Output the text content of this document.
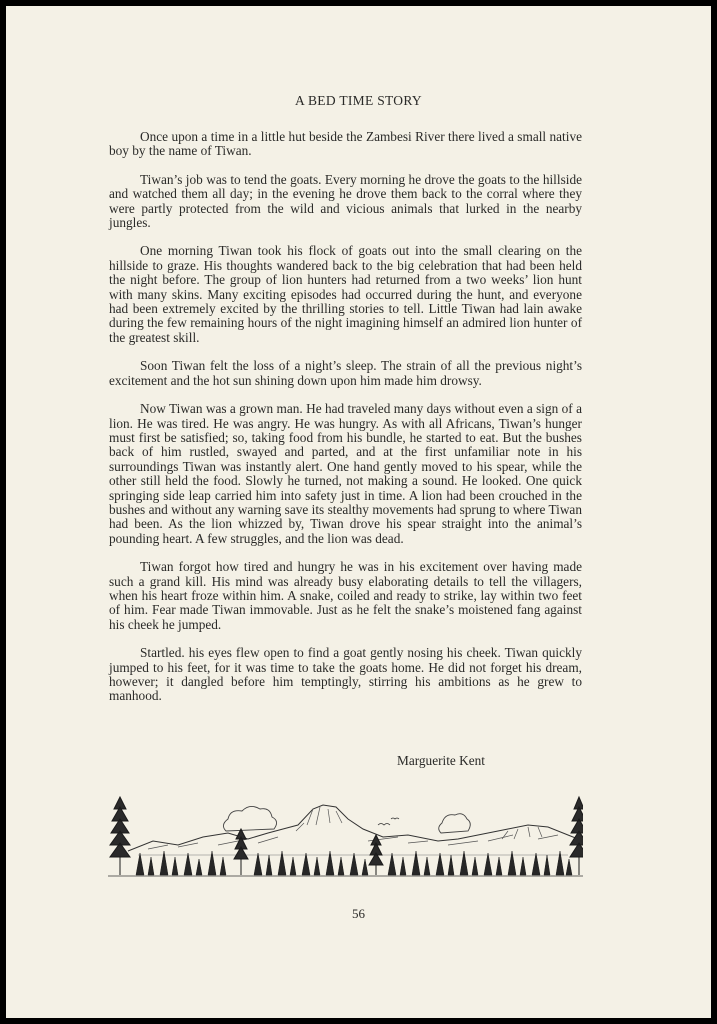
A BED TIME STORY

Once upon a time in a little hut beside the Zambesi River there lived a small native boy by the name of Tiwan.

Tiwan’s job was to tend the goats. Every morning he drove the goats to the hillside and watched them all day; in the evening he drove them back to the corral where they were partly protected from the wild and vicious animals that lurked in the nearby jungles.

One morning Tiwan took his flock of goats out into the small clearing on the hillside to graze. His thoughts wandered back to the big celebration that had been held the night before. The group of lion hunters had returned from a two weeks’ lion hunt with many skins. Many exciting episodes had occurred during the hunt, and everyone had been extremely excited by the thrilling stories to tell. Little Tiwan had lain awake during the few remaining hours of the night imagining himself an admired lion hunter of the greatest skill.

Soon Tiwan felt the loss of a night’s sleep. The strain of all the previous night’s excitement and the hot sun shining down upon him made him drowsy.

Now Tiwan was a grown man. He had traveled many days without even a sign of a lion. He was tired. He was angry. He was hungry. As with all Africans, Tiwan’s hunger must first be satisfied; so, taking food from his bundle, he started to eat. But the bushes back of him rustled, swayed and parted, and at the first unfamiliar note in his surroundings Tiwan was instantly alert. One hand gently moved to his spear, while the other still held the food. Slowly he turned, not making a sound. He looked. One quick springing side leap carried him into safety just in time. A lion had been crouched in the bushes and without any warning save its stealthy movements had sprung to where Tiwan had been. As the lion whizzed by, Tiwan drove his spear straight into the animal’s pounding heart. A few struggles, and the lion was dead.

Tiwan forgot how tired and hungry he was in his excitement over having made such a grand kill. His mind was already busy elaborating details to tell the villagers, when his heart froze within him. A snake, coiled and ready to strike, lay within two feet of him. Fear made Tiwan immovable. Just as he felt the snake’s moistened fang against his cheek he jumped.

Startled. his eyes flew open to find a goat gently nosing his cheek. Tiwan quickly jumped to his feet, for it was time to take the goats home. He did not forget his dream, however; it dangled before him temptingly, stirring his ambitions as he grew to manhood.

Marguerite Kent
56
